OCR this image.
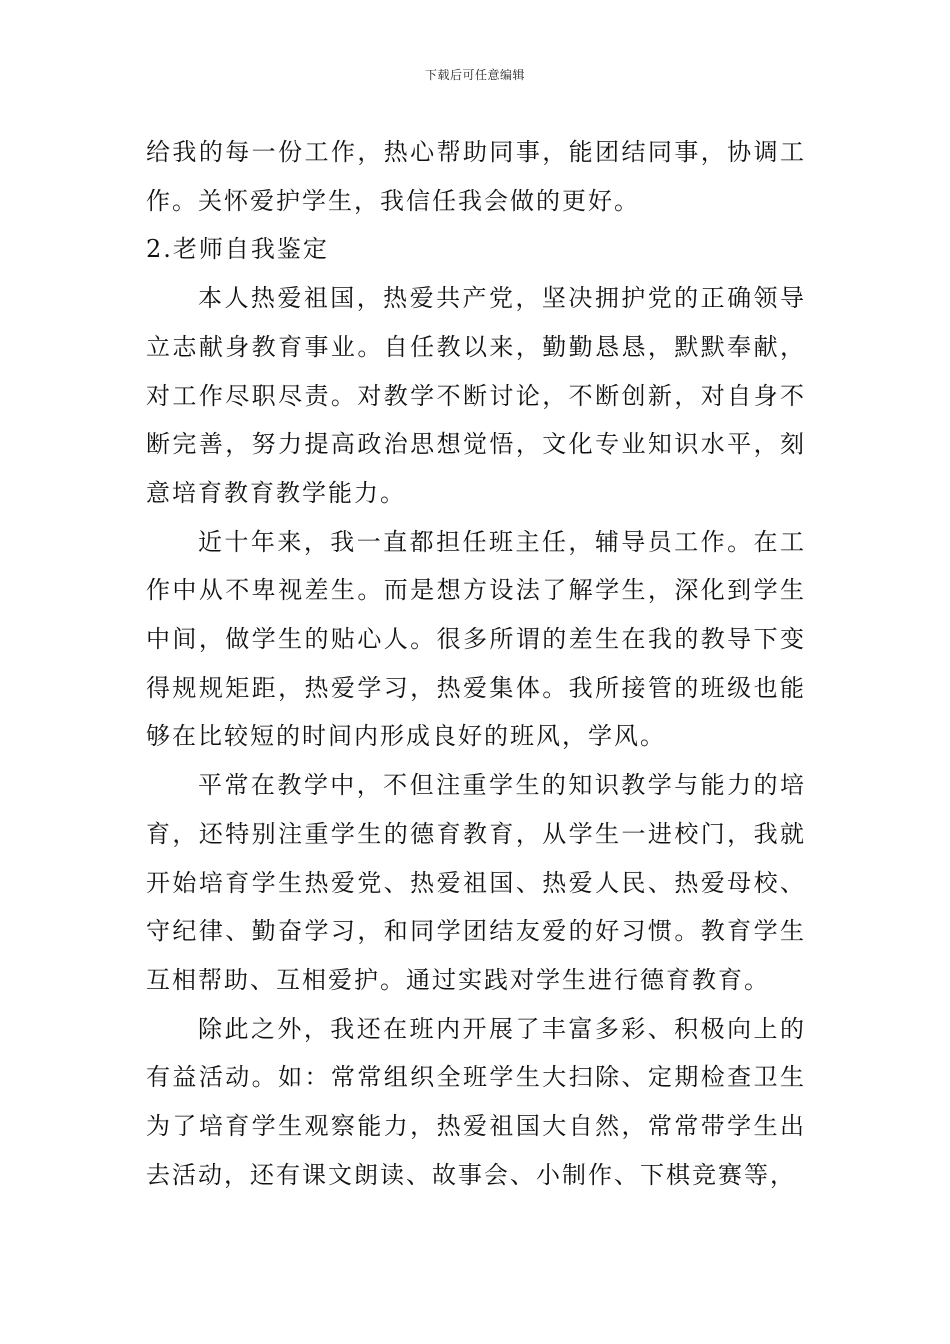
下载后可任意编辑

给我的每一份工作，热心帮助同事，能团结同事，协调工作。关怀爱护学生，我信任我会做的更好。

2.老师自我鉴定

本人热爱祖国，热爱共产党，坚决拥护党的正确领导立志献身教育事业。自任教以来，勤勤恳恳，默默奉献，对工作尽职尽责。对教学不断讨论，不断创新，对自身不断完善，努力提高政治思想觉悟，文化专业知识水平，刻意培育教育教学能力。

近十年来，我一直都担任班主任，辅导员工作。在工作中从不卑视差生。而是想方设法了解学生，深化到学生中间，做学生的贴心人。很多所谓的差生在我的教导下变得规规矩距，热爱学习，热爱集体。我所接管的班级也能够在比较短的时间内形成良好的班风，学风。

平常在教学中，不但注重学生的知识教学与能力的培育，还特别注重学生的德育教育，从学生一进校门，我就开始培育学生热爱党、热爱祖国、热爱人民、热爱母校、守纪律、勤奋学习，和同学团结友爱的好习惯。教育学生互相帮助、互相爱护。通过实践对学生进行德育教育。

除此之外，我还在班内开展了丰富多彩、积极向上的有益活动。如：常常组织全班学生大扫除、定期检查卫生为了培育学生观察能力，热爱祖国大自然，常常带学生出去活动，还有课文朗读、故事会、小制作、下棋竞赛等，
